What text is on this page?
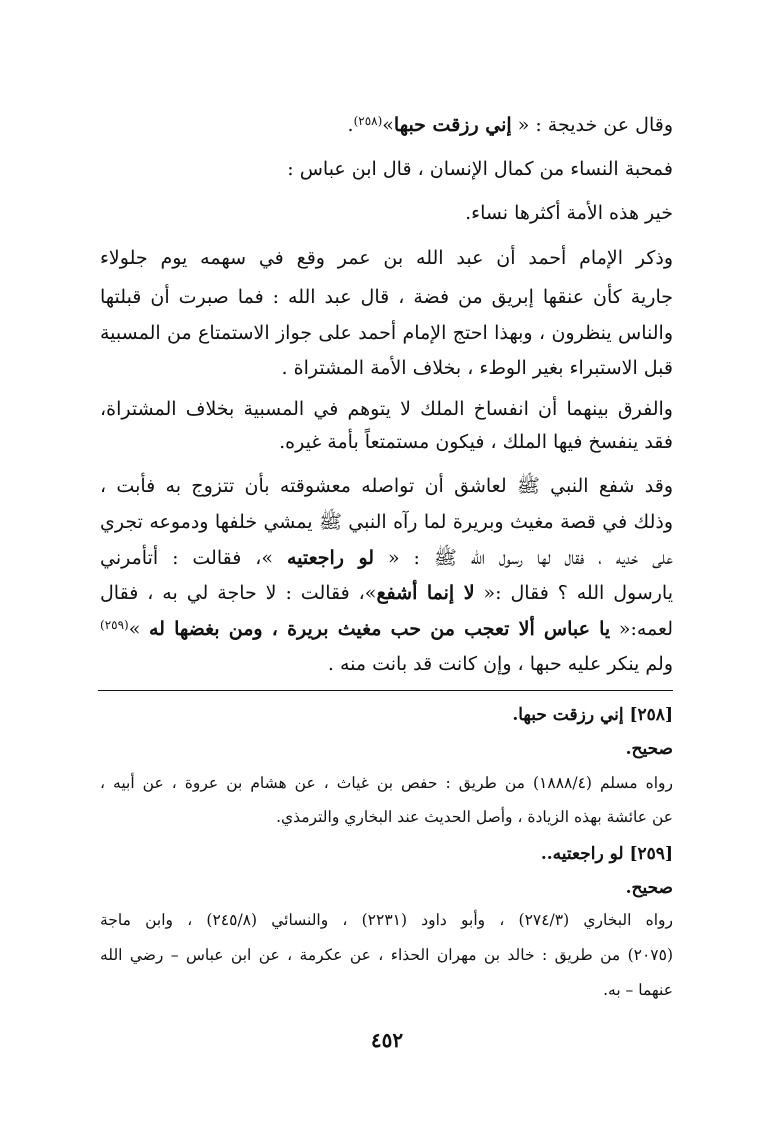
وقال عن خديجة : « إني رزقت حبها»$^{(٢٥٨)}$.
فمحبة النساء من كمال الإنسان ، قال ابن عباس :
خير هذه الأمة أكثرها نساء.
وذكر الإمام أحمد أن عبد الله بن عمر وقع في سهمه يوم جلولاء
جارية كأن عنقها إبريق من فضة ، قال عبد الله : فما صبرت أن قبلتها
والناس ينظرون ، وبهذا احتج الإمام أحمد على جواز الاستمتاع من المسبية
قبل الاستبراء بغير الوطء ، بخلاف الأمة المشتراة .
والفرق بينهما أن انفساخ الملك لا يتوهم في المسبية بخلاف المشتراة،
فقد ينفسخ فيها الملك ، فيكون مستمتعاً بأمة غيره.
وقد شفع النبي ﷺ لعاشق أن تواصله معشوقته بأن تتزوج به فأبت ،
وذلك في قصة مغيث وبريرة لما رآه النبي ﷺ يمشي خلفها ودموعه تجري
على خديه ، فقال لها رسول الله ﷺ : « لو راجعتيه »، فقالت : أتأمرني
يارسول الله ؟ فقال :« لا إنما أشفع»، فقالت : لا حاجة لي به ، فقال
لعمه:« يا عباس ألا تعجب من حب مغيث بريرة ، ومن بغضها له »$^{(٢٥٩)}$
ولم ينكر عليه حبها ، وإن كانت قد بانت منه .
[٢٥٨] إني رزقت حبها.
صحيح.
رواه مسلم (١٨٨٨/٤) من طريق : حفص بن غياث ، عن هشام بن عروة ، عن أبيه ،
عن عائشة بهذه الزيادة ، وأصل الحديث عند البخاري والترمذي.
[٢٥٩] لو راجعتيه..
صحيح.
رواه البخاري (٢٧٤/٣) ، وأبو داود (٢٢٣١) ، والنسائي (٢٤٥/٨) ، وابن ماجة
(٢٠٧٥) من طريق : خالد بن مهران الحذاء ، عن عكرمة ، عن ابن عباس – رضي الله
عنهما – به.
٤٥٢
